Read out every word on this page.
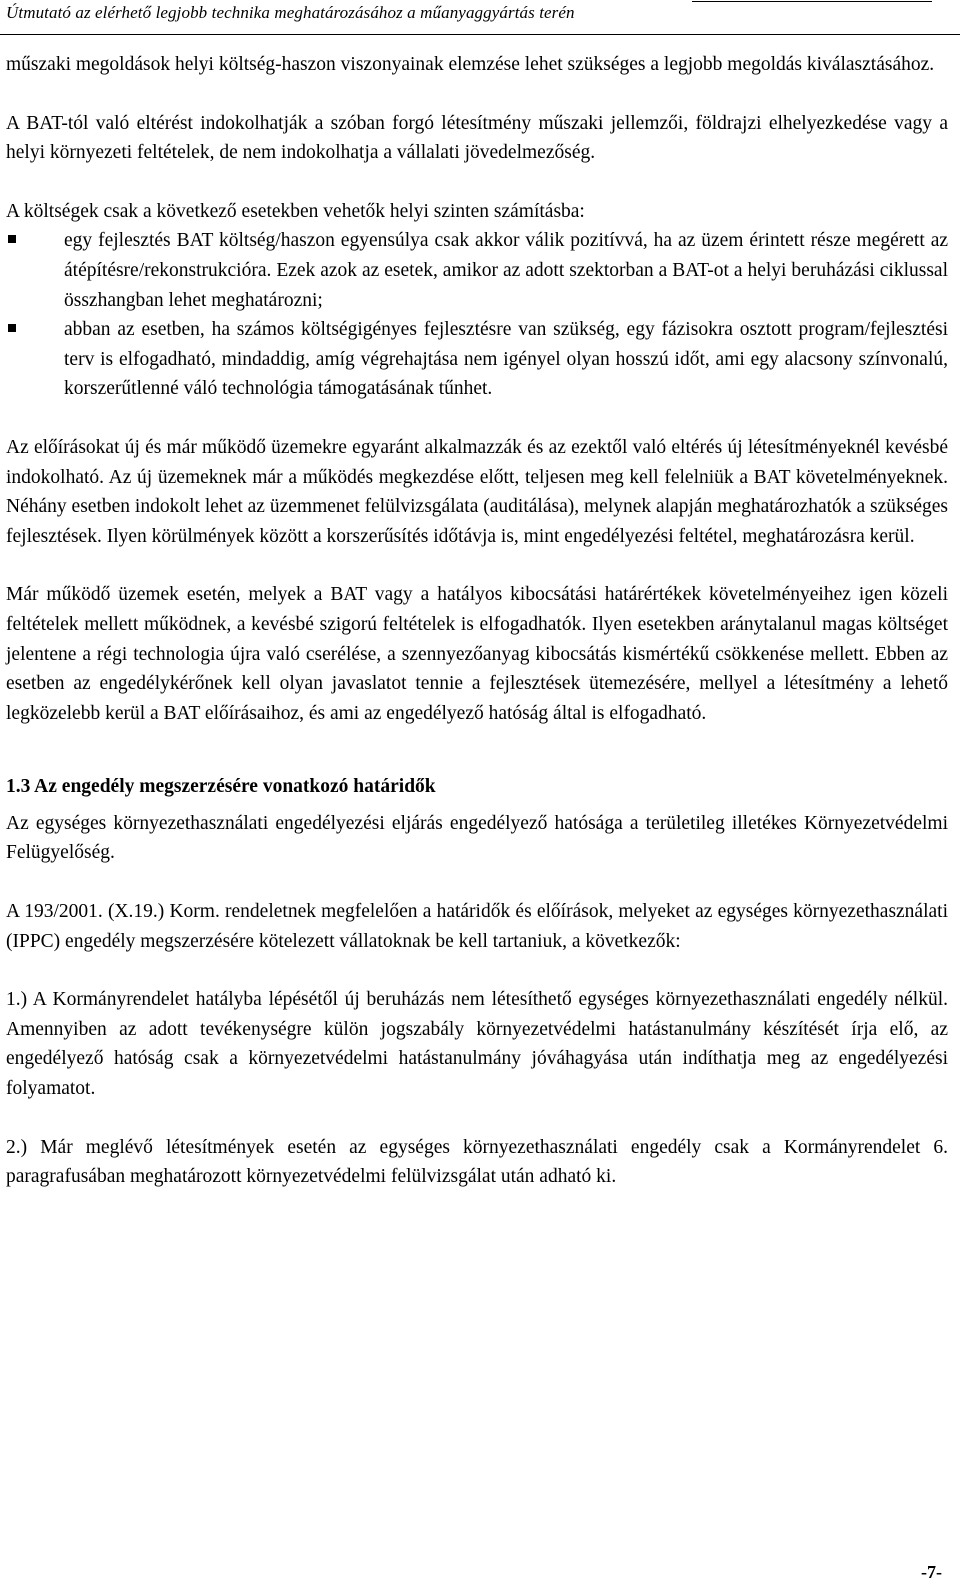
Útmutató az elérhető legjobb technika meghatározásához a műanyaggyártás terén

műszaki megoldások helyi költség-haszon viszonyainak elemzése lehet szükséges a legjobb megoldás kiválasztásához.

A BAT-tól való eltérést indokolhatják a szóban forgó létesítmény műszaki jellemzői, földrajzi elhelyezkedése vagy a helyi környezeti feltételek, de nem indokolhatja a vállalati jövedelmezőség.

A költségek csak a következő esetekben vehetők helyi szinten számításba:

egy fejlesztés BAT költség/haszon egyensúlya csak akkor válik pozitívvá, ha az üzem érintett része megérett az átépítésre/rekonstrukcióra. Ezek azok az esetek, amikor az adott szektorban a BAT-ot a helyi beruházási ciklussal összhangban lehet meghatározni;
abban az esetben, ha számos költségigényes fejlesztésre van szükség, egy fázisokra osztott program/fejlesztési terv is elfogadható, mindaddig, amíg végrehajtása nem igényel olyan hosszú időt, ami egy alacsony színvonalú, korszerűtlenné váló technológia támogatásának tűnhet.

Az előírásokat új és már működő üzemekre egyaránt alkalmazzák és az ezektől való eltérés új létesítményeknél kevésbé indokolható. Az új üzemeknek már a működés megkezdése előtt, teljesen meg kell felelniük a BAT követelményeknek. Néhány esetben indokolt lehet az üzemmenet felülvizsgálata (auditálása), melynek alapján meghatározhatók a szükséges fejlesztések. Ilyen körülmények között a korszerűsítés időtávja is, mint engedélyezési feltétel, meghatározásra kerül.

Már működő üzemek esetén, melyek a BAT vagy a hatályos kibocsátási határértékek követelményeihez igen közeli feltételek mellett működnek, a kevésbé szigorú feltételek is elfogadhatók. Ilyen esetekben aránytalanul magas költséget jelentene a régi technologia újra való cserélése, a szennyezőanyag kibocsátás kismértékű csökkenése mellett. Ebben az esetben az engedélykérőnek kell olyan javaslatot tennie a fejlesztések ütemezésére, mellyel a létesítmény a lehető legközelebb kerül a BAT előírásaihoz, és ami az engedélyező hatóság által is elfogadható.

1.3 Az engedély megszerzésére vonatkozó határidők

Az egységes környezethasználati engedélyezési eljárás engedélyező hatósága a területileg illetékes Környezetvédelmi Felügyelőség.

A 193/2001. (X.19.) Korm. rendeletnek megfelelően a határidők és előírások, melyeket az egységes környezethasználati (IPPC) engedély megszerzésére kötelezett vállatoknak be kell tartaniuk, a következők:

1.) A Kormányrendelet hatályba lépésétől új beruházás nem létesíthető egységes környezethasználati engedély nélkül. Amennyiben az adott tevékenységre külön jogszabály környezetvédelmi hatástanulmány készítését írja elő, az engedélyező hatóság csak a környezetvédelmi hatástanulmány jóváhagyása után indíthatja meg az engedélyezési folyamatot.

2.) Már meglévő létesítmények esetén az egységes környezethasználati engedély csak a Kormányrendelet 6. paragrafusában meghatározott környezetvédelmi felülvizsgálat után adható ki.

-7-
